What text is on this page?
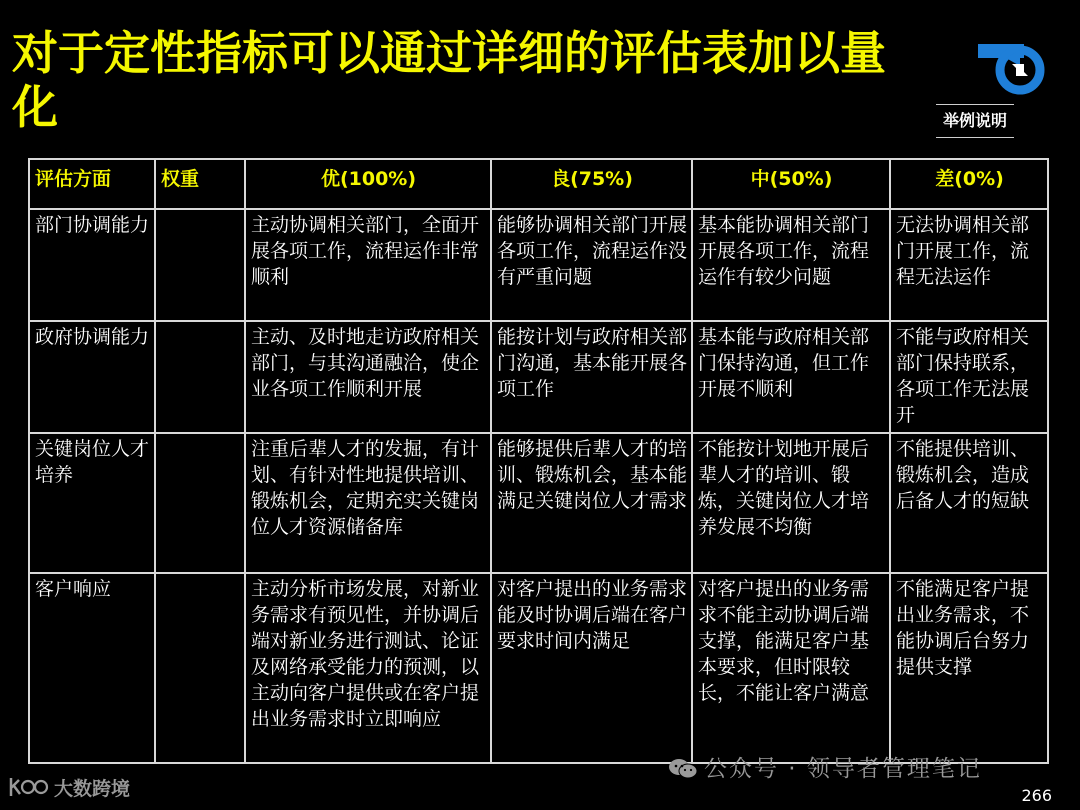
对于定性指标可以通过详细的评估表加以量化	举例说明
评估方面	权重	优(100%)	良(75%)	中(50%)	差(0%)
部门协调能力		主动协调相关部门，全面开展各项工作，流程运作非常顺利	能够协调相关部门开展各项工作，流程运作没有严重问题	基本能协调相关部门开展各项工作，流程运作有较少问题	无法协调相关部门开展工作，流程无法运作
政府协调能力		主动、及时地走访政府相关部门，与其沟通融洽，使企业各项工作顺利开展	能按计划与政府相关部门沟通，基本能开展各项工作	基本能与政府相关部门保持沟通，但工作开展不顺利	不能与政府相关部门保持联系，各项工作无法展开
关键岗位人才培养		注重后辈人才的发掘，有计划、有针对性地提供培训、锻炼机会，定期充实关键岗位人才资源储备库	能够提供后辈人才的培训、锻炼机会，基本能满足关键岗位人才需求	不能按计划地开展后辈人才的培训、锻炼，关键岗位人才培养发展不均衡	不能提供培训、锻炼机会，造成后备人才的短缺
客户响应		主动分析市场发展，对新业务需求有预见性，并协调后端对新业务进行测试、论证及网络承受能力的预测，以主动向客户提供或在客户提出业务需求时立即响应	对客户提出的业务需求能及时协调后端在客户要求时间内满足	对客户提出的业务需求不能主动协调后端支撑，能满足客户基本要求，但时限较长，不能让客户满意	不能满足客户提出业务需求，不能协调后台努力提供支撑
公众号 · 领导者管理笔记
大数跨境	266
